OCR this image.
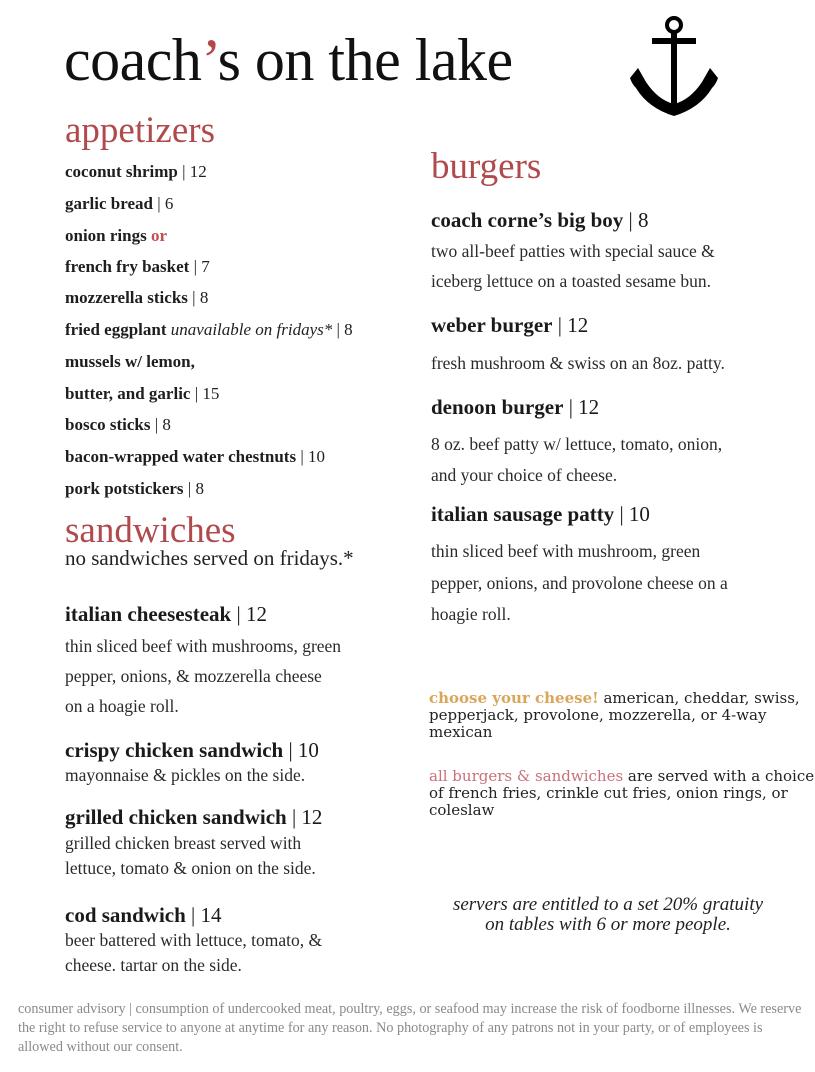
coach’s on the lake
appetizers
coconut shrimp | 12
garlic bread | 6
onion rings or
french fry basket | 7
mozzerella sticks | 8
fried eggplant unavailable on fridays* | 8
mussels w/ lemon,
butter, and garlic | 15
bosco sticks | 8
bacon-wrapped water chestnuts | 10
pork potstickers | 8
sandwiches
no sandwiches served on fridays.*
italian cheesesteak | 12
thin sliced beef with mushrooms, green
pepper, onions, & mozzerella cheese
on a hoagie roll.
crispy chicken sandwich | 10
mayonnaise & pickles on the side.
grilled chicken sandwich | 12
grilled chicken breast served with
lettuce, tomato & onion on the side.
cod sandwich | 14
beer battered with lettuce, tomato, &
cheese. tartar on the side.
burgers
coach corne’s big boy | 8
two all-beef patties with special sauce &
iceberg lettuce on a toasted sesame bun.
weber burger | 12
fresh mushroom & swiss on an 8oz. patty.
denoon burger | 12
8 oz. beef patty w/ lettuce, tomato, onion,
and your choice of cheese.
italian sausage patty | 10
thin sliced beef with mushroom, green
pepper, onions, and provolone cheese on a
hoagie roll.
choose your cheese! american, cheddar, swiss, pepperjack, provolone, mozzerella, or 4-way mexican
all burgers & sandwiches are served with a choice of french fries, crinkle cut fries, onion rings, or coleslaw
servers are entitled to a set 20% gratuity
on tables with 6 or more people.
consumer advisory | consumption of undercooked meat, poultry, eggs, or seafood may increase the risk of foodborne illnesses. We reserve the right to refuse service to anyone at anytime for any reason. No photography of any patrons not in your party, or of employees is allowed without our consent.
